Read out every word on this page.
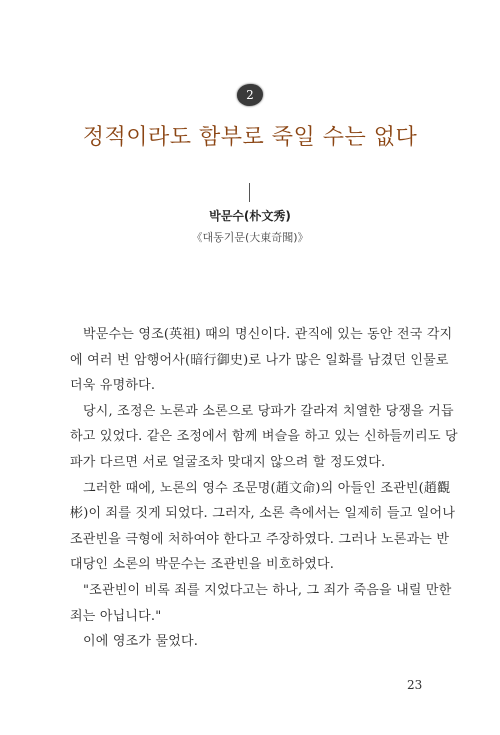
2
정적이라도 함부로 죽일 수는 없다
박문수(朴文秀)
《대동기문(大東奇聞)》
박문수는 영조(英祖) 때의 명신이다. 관직에 있는 동안 전국 각지
에 여러 번 암행어사(暗行御史)로 나가 많은 일화를 남겼던 인물로
더욱 유명하다.
당시, 조정은 노론과 소론으로 당파가 갈라져 치열한 당쟁을 거듭
하고 있었다. 같은 조정에서 함께 벼슬을 하고 있는 신하들끼리도 당
파가 다르면 서로 얼굴조차 맞대지 않으려 할 정도였다.
그러한 때에, 노론의 영수 조문명(趙文命)의 아들인 조관빈(趙觀
彬)이 죄를 짓게 되었다. 그러자, 소론 측에서는 일제히 들고 일어나
조관빈을 극형에 처하여야 한다고 주장하였다. 그러나 노론과는 반
대당인 소론의 박문수는 조관빈을 비호하였다.
"조관빈이 비록 죄를 지었다고는 하나, 그 죄가 죽음을 내릴 만한
죄는 아닙니다."
이에 영조가 물었다.
23
